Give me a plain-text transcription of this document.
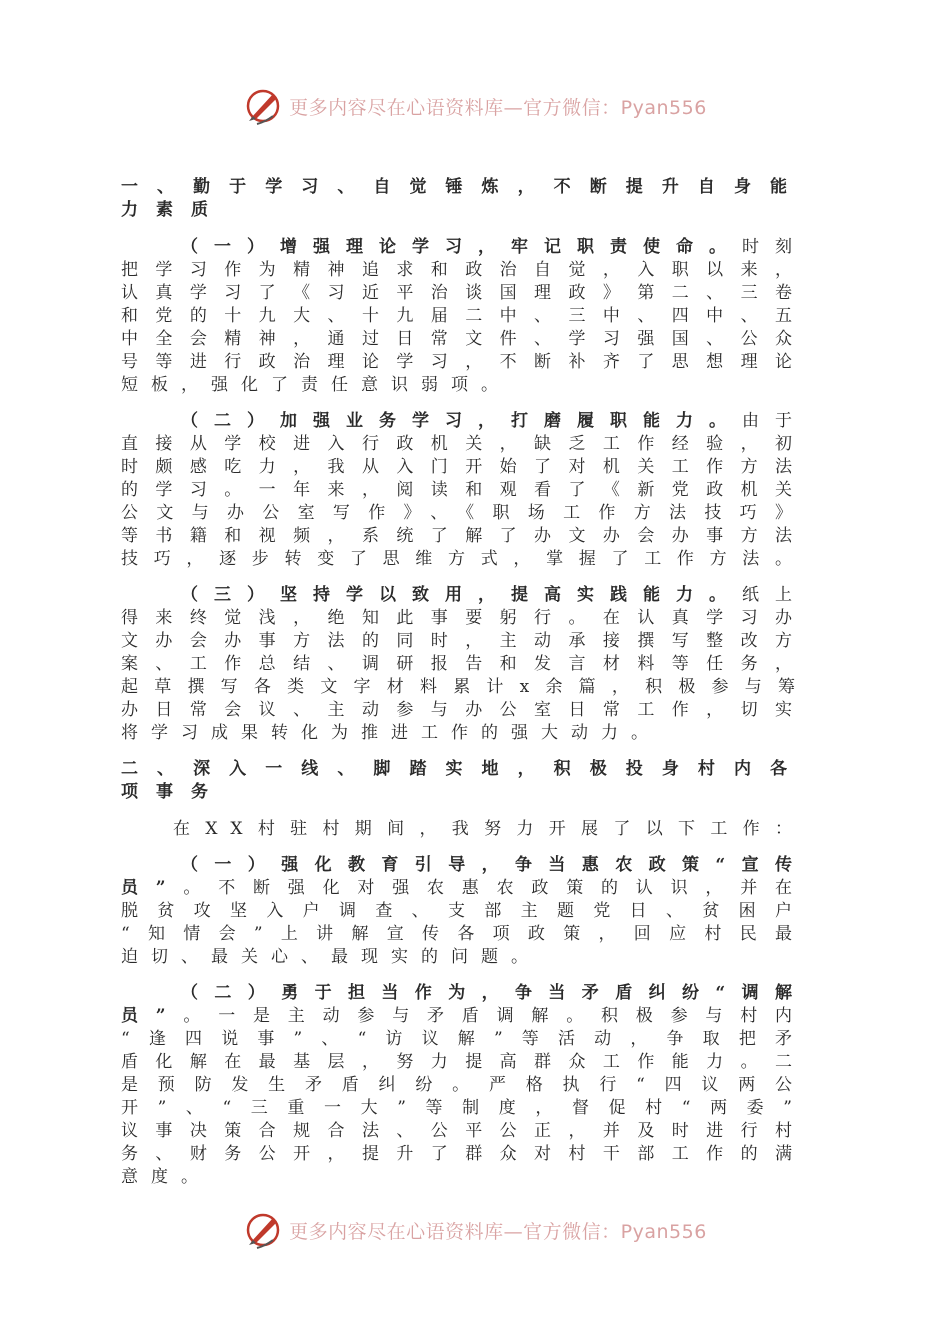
更多内容尽在心语资料库—官方微信：Pyan556
一、勤于学习、自觉锤炼，不断提升自身能
力素质
（一）增强理论学习，牢记职责使命。时刻
把学习作为精神追求和政治自觉，入职以来，
认真学习了《习近平治谈国理政》第二、三卷
和党的十九大、十九届二中、三中、四中、五
中全会精神，通过日常文件、学习强国、公众
号等进行政治理论学习，不断补齐了思想理论
短板，强化了责任意识弱项。
（二）加强业务学习，打磨履职能力。由于
直接从学校进入行政机关，缺乏工作经验，初
时颇感吃力，我从入门开始了对机关工作方法
的学习。一年来，阅读和观看了《新党政机关
公文与办公室写作》、《职场工作方法技巧》
等书籍和视频，系统了解了办文办会办事方法
技巧，逐步转变了思维方式，掌握了工作方法。
（三）坚持学以致用，提高实践能力。纸上
得来终觉浅，绝知此事要躬行。在认真学习办
文办会办事方法的同时，主动承接撰写整改方
案、工作总结、调研报告和发言材料等任务，
起草撰写各类文字材料累计x余篇，积极参与筹
办日常会议、主动参与办公室日常工作，切实
将学习成果转化为推进工作的强大动力。
二、深入一线、脚踏实地，积极投身村内各
项事务
在XX村驻村期间，我努力开展了以下工作：
（一）强化教育引导，争当惠农政策“宣传
员”。不断强化对强农惠农政策的认识，并在
脱贫攻坚入户调查、支部主题党日、贫困户
“知情会”上讲解宣传各项政策，回应村民最
迫切、最关心、最现实的问题。
（二）勇于担当作为，争当矛盾纠纷“调解
员”。一是主动参与矛盾调解。积极参与村内
“逢四说事”、“访议解”等活动，争取把矛
盾化解在最基层，努力提高群众工作能力。二
是预防发生矛盾纠纷。严格执行“四议两公
开”、“三重一大”等制度，督促村“两委”
议事决策合规合法、公平公正，并及时进行村
务、财务公开，提升了群众对村干部工作的满
意度。
更多内容尽在心语资料库—官方微信：Pyan556
